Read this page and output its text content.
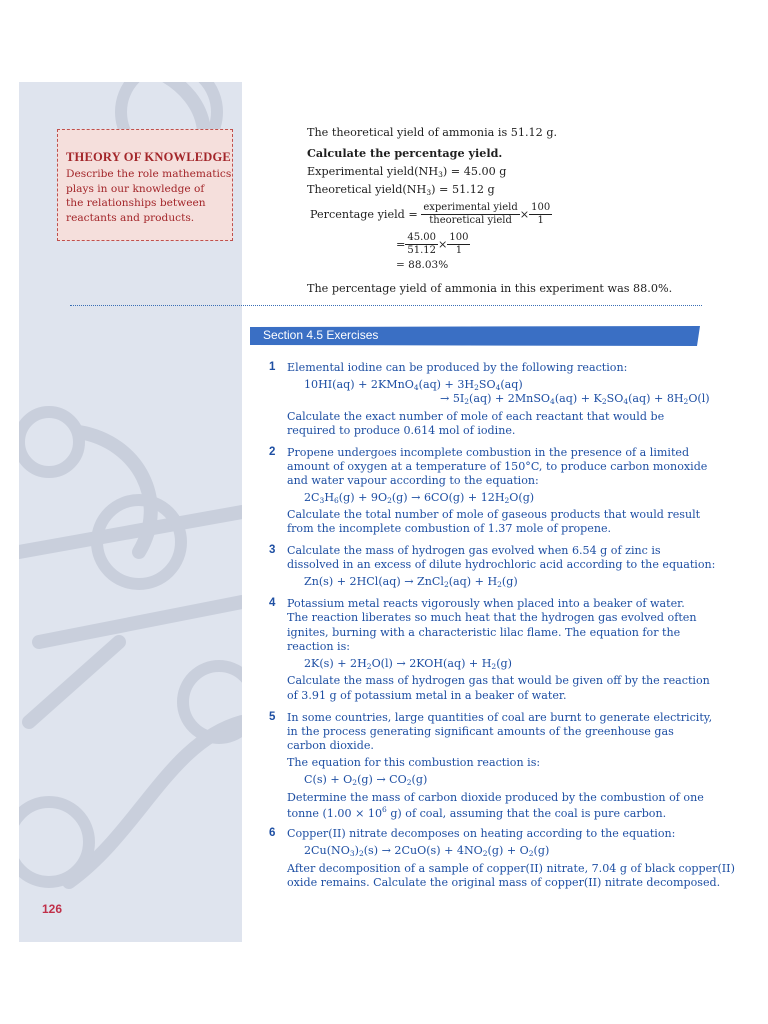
THEORY OF KNOWLEDGE
Describe the role mathematics
plays in our knowledge of
the relationships between
reactants and products.
126
The theoretical yield of ammonia is 51.12 g.
Calculate the percentage yield.
Experimental $yield(NH_3) = 45.00$ g
Theoretical $yield(NH_3) = 51.12$ g
Percentage yield = $\frac{\text{experimental yield}}{\text{theoretical yield}} \times \frac{100}{1}$
= $\frac{45.00}{51.12} \times \frac{100}{1}$
= 88.03%
The percentage yield of ammonia in this experiment was 88.0%.
Section 4.5 Exercises
1 Elemental iodine can be produced by the following reaction:
10HI(aq) + 2KMnO$_4$(aq) + $3H_2SO_4(aq)$
→ $5I_2(aq)$ + 2MnSO$_4$(aq) + $K_2SO_4(aq) + 8H_2O(l)$
Calculate the exact number of mole of each reactant that would be
required to produce 0.614 mol of iodine.
2 Propene undergoes incomplete combustion in the presence of a limited
amount of oxygen at a temperature of 150°C, to produce carbon monoxide
and water vapour according to the equation:
$2C_3H_6(g) + 9O_2(g) \to 6CO(g) + 12H_2O(g)$
Calculate the total number of mole of gaseous products that would result
from the incomplete combustion of 1.37 mole of propene.
3 Calculate the mass of hydrogen gas evolved when 6.54 g of zinc is
dissolved in an excess of dilute hydrochloric acid according to the equation:
Zn(s) + 2HCl(aq) → ZnCl$_2$(aq) + $H_2(g)$
4 Potassium metal reacts vigorously when placed into a beaker of water.
The reaction liberates so much heat that the hydrogen gas evolved often
ignites, burning with a characteristic lilac flame. The equation for the
reaction is:
$2K(s) + 2H_2O(l) \to 2KOH(aq) + H_2(g)$
Calculate the mass of hydrogen gas that would be given off by the reaction
of 3.91 g of potassium metal in a beaker of water.
5 In some countries, large quantities of coal are burnt to generate electricity,
in the process generating significant amounts of the greenhouse gas
carbon dioxide.
The equation for this combustion reaction is:
$C(s) + O_2(g) \to CO_2(g)$
Determine the mass of carbon dioxide produced by the combustion of one
tonne ($1.00 \times 10^6$ g) of coal, assuming that the coal is pure carbon.
6 Copper(II) nitrate decomposes on heating according to the equation:
$2Cu(NO_3)_2(s) \to 2CuO(s) + 4NO_2(g) + O_2(g)$
After decomposition of a sample of copper(II) nitrate, 7.04 g of black copper(II)
oxide remains. Calculate the original mass of copper(II) nitrate decomposed.
